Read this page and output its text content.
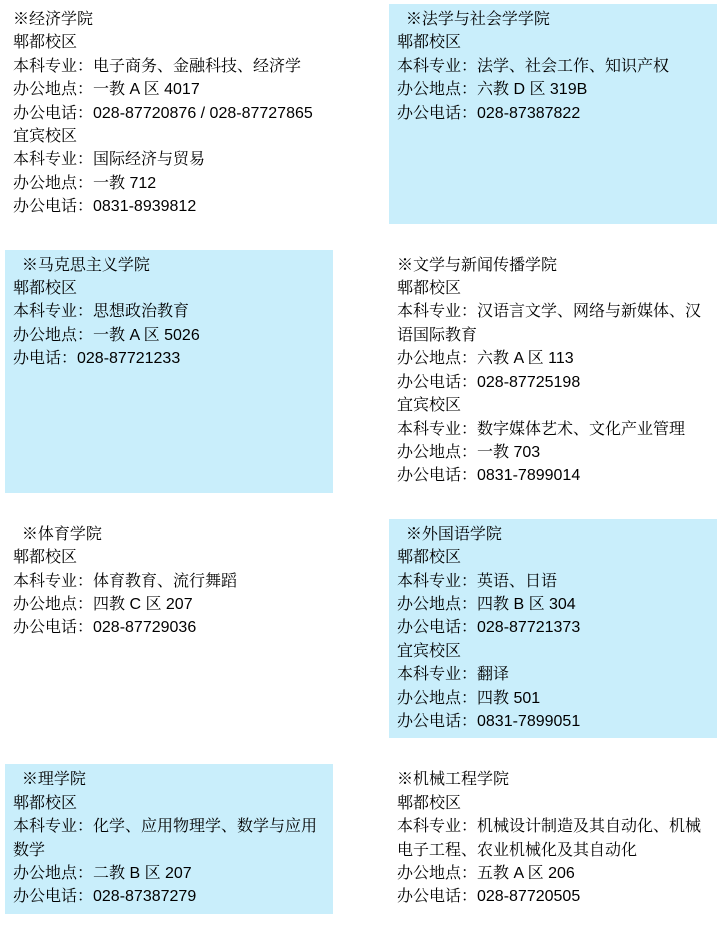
※经济学院
郫都校区
本科专业：电子商务、金融科技、经济学
办公地点：一教 A 区 4017
办公电话：028-87720876 / 028-87727865
宜宾校区
本科专业：国际经济与贸易
办公地点：一教 712
办公电话：0831-8939812
※法学与社会学学院
郫都校区
本科专业：法学、社会工作、知识产权
办公地点：六教 D 区 319B
办公电话：028-87387822
※马克思主义学院
郫都校区
本科专业：思想政治教育
办公地点：一教 A 区 5026
办电话：028-87721233
※文学与新闻传播学院
郫都校区
本科专业：汉语言文学、网络与新媒体、汉语国际教育
办公地点：六教 A 区 113
办公电话：028-87725198
宜宾校区
本科专业：数字媒体艺术、文化产业管理
办公地点：一教 703
办公电话：0831-7899014
※体育学院
郫都校区
本科专业：体育教育、流行舞蹈
办公地点：四教 C 区 207
办公电话：028-87729036
※外国语学院
郫都校区
本科专业：英语、日语
办公地点：四教 B 区 304
办公电话：028-87721373
宜宾校区
本科专业：翻译
办公地点：四教 501
办公电话：0831-7899051
※理学院
郫都校区
本科专业：化学、应用物理学、数学与应用数学
办公地点：二教 B 区 207
办公电话：028-87387279
※机械工程学院
郫都校区
本科专业：机械设计制造及其自动化、机械电子工程、农业机械化及其自动化
办公地点：五教 A 区 206
办公电话：028-87720505
